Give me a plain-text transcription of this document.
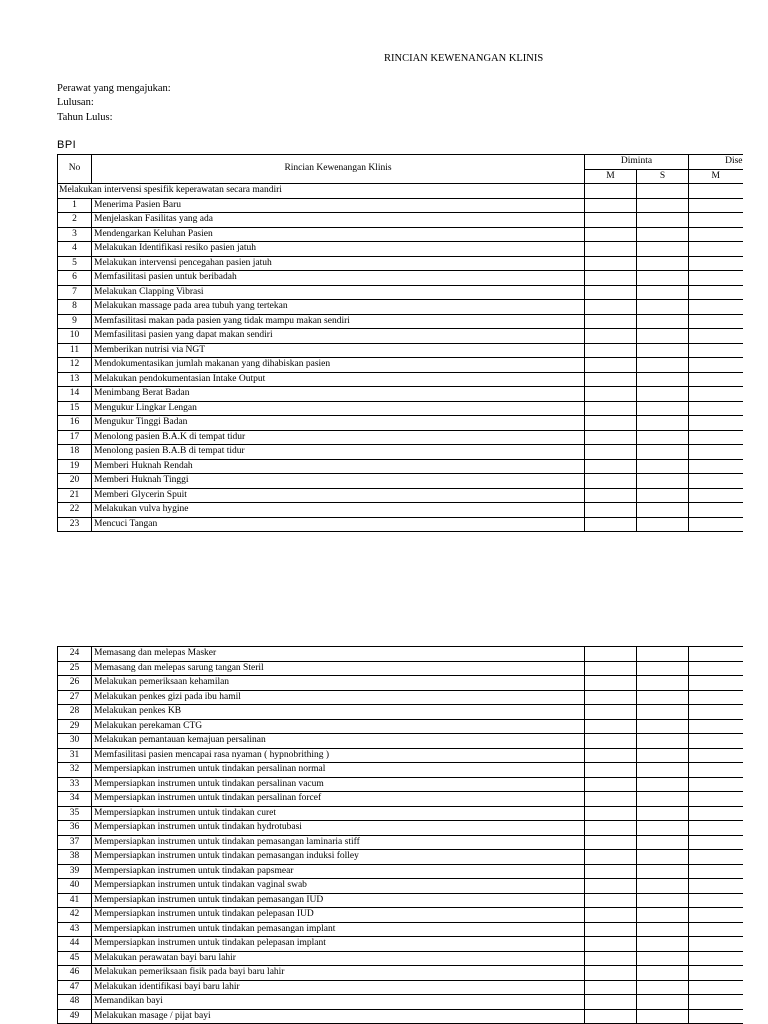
RINCIAN KEWENANGAN KLINIS
Perawat yang mengajukan:
Lulusan:
Tahun Lulus:
BPI
No	Rincian Kewenangan Klinis	Diminta		Dise
		M	S	M
Melakukan intervensi spesifik keperawatan secara mandiri				
1	Menerima Pasien Baru			
2	Menjelaskan Fasilitas yang ada			
3	Mendengarkan Keluhan Pasien			
4	Melakukan Identifikasi resiko pasien jatuh			
5	Melakukan intervensi pencegahan pasien jatuh			
6	Memfasilitasi pasien untuk beribadah			
7	Melakukan Clapping Vibrasi			
8	Melakukan massage pada area tubuh yang tertekan			
9	Memfasilitasi makan pada pasien yang tidak mampu makan sendiri			
10	Memfasilitasi pasien yang dapat makan sendiri			
11	Memberikan nutrisi via NGT			
12	Mendokumentasikan jumlah makanan yang dihabiskan pasien			
13	Melakukan pendokumentasian Intake Output			
14	Menimbang Berat Badan			
15	Mengukur Lingkar Lengan			
16	Mengukur Tinggi Badan			
17	Menolong pasien B.A.K di tempat tidur			
18	Menolong pasien B.A.B di tempat tidur			
19	Memberi Huknah Rendah			
20	Memberi Huknah Tinggi			
21	Memberi Glycerin Spuit			
22	Melakukan vulva hygine			
23	Mencuci Tangan			
24	Memasang dan melepas Masker			
25	Memasang dan melepas sarung tangan Steril			
26	Melakukan pemeriksaan kehamilan			
27	Melakukan penkes gizi pada ibu hamil			
28	Melakukan penkes KB			
29	Melakukan perekaman CTG			
30	Melakukan pemantauan kemajuan persalinan			
31	Memfasilitasi pasien mencapai rasa nyaman ( hypnobrithing )			
32	Mempersiapkan instrumen untuk tindakan persalinan normal			
33	Mempersiapkan instrumen untuk tindakan persalinan vacum			
34	Mempersiapkan instrumen untuk tindakan persalinan forcef			
35	Mempersiapkan instrumen untuk tindakan curet			
36	Mempersiapkan instrumen untuk tindakan hydrotubasi			
37	Mempersiapkan instrumen untuk tindakan pemasangan laminaria stiff			
38	Mempersiapkan instrumen untuk tindakan pemasangan induksi folley			
39	Mempersiapkan instrumen untuk tindakan papsmear			
40	Mempersiapkan instrumen untuk tindakan vaginal swab			
41	Mempersiapkan instrumen untuk tindakan pemasangan IUD			
42	Mempersiapkan instrumen untuk tindakan pelepasan IUD			
43	Mempersiapkan instrumen untuk tindakan pemasangan implant			
44	Mempersiapkan instrumen untuk tindakan pelepasan implant			
45	Melakukan perawatan bayi baru lahir			
46	Melakukan pemeriksaan fisik pada bayi baru lahir			
47	Melakukan identifikasi bayi baru lahir			
48	Memandikan bayi			
49	Melakukan masage / pijat bayi			
